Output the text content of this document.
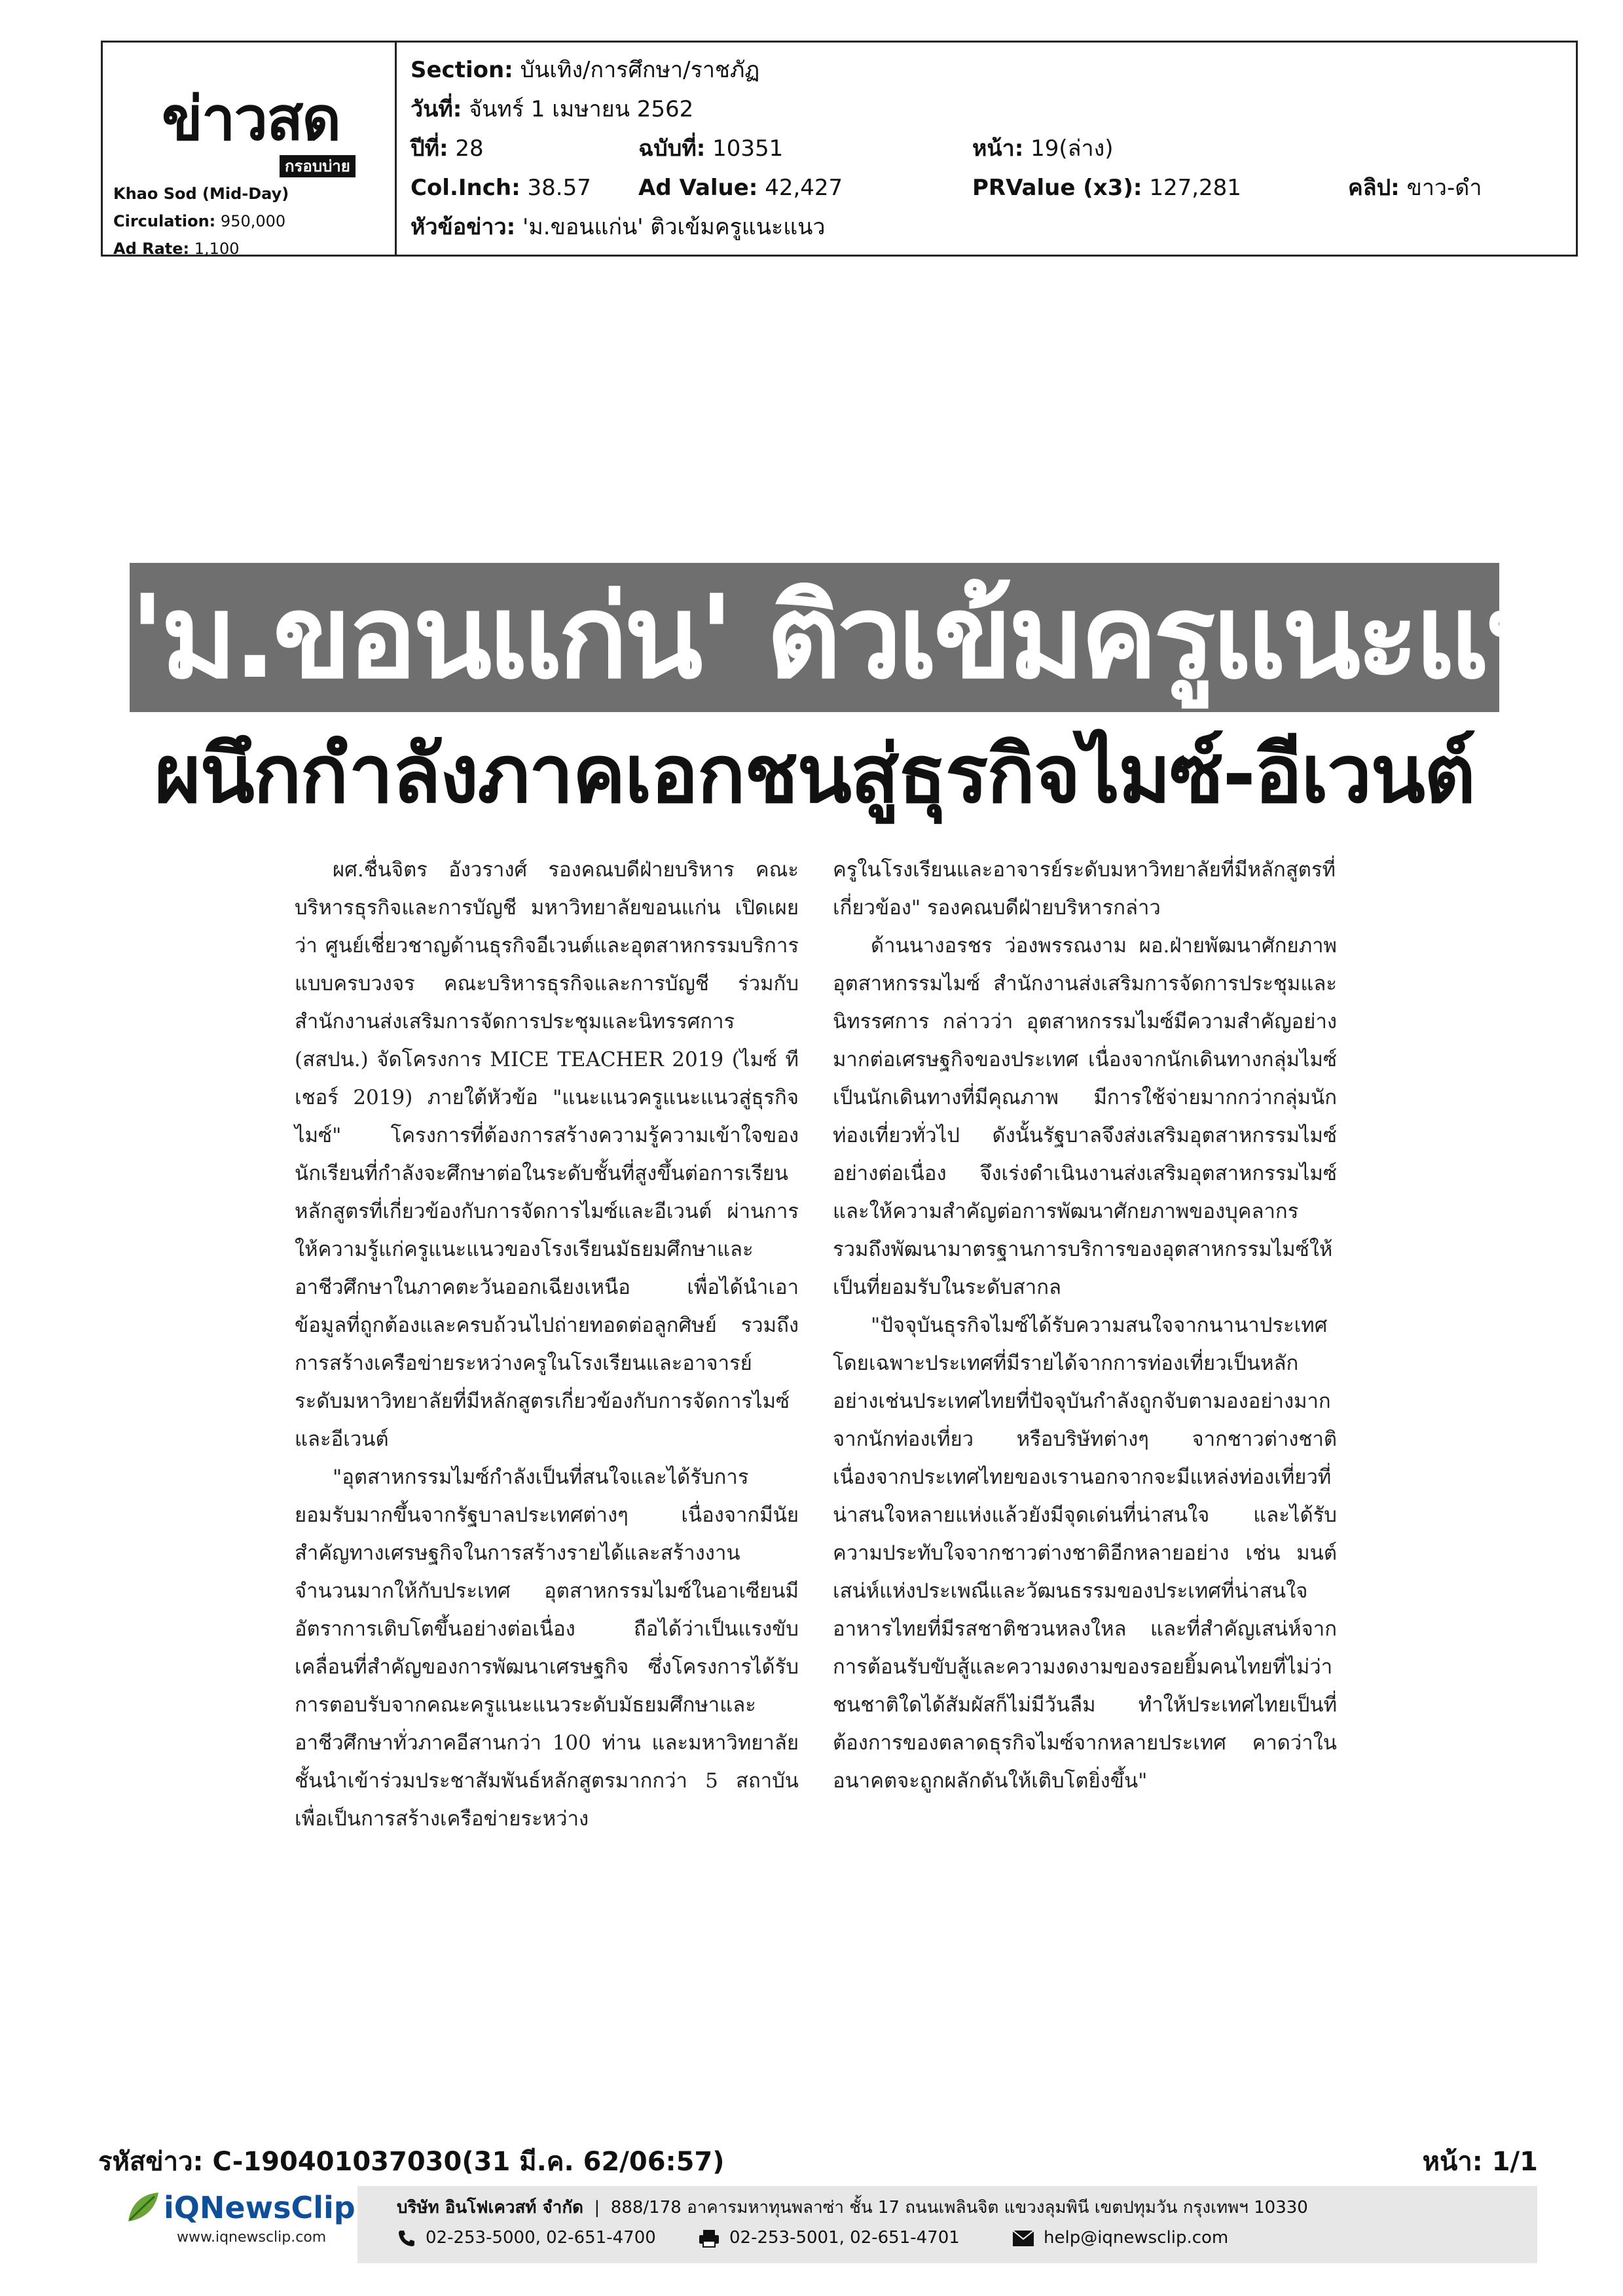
ข่าวสด
กรอบบ่าย
Khao Sod (Mid-Day)
Circulation: 950,000
Ad Rate: 1,100
Section: บันเทิง/การศึกษา/ราชภัฏ
วันที่: จันทร์ 1 เมษายน 2562
ปีที่: 28	ฉบับที่: 10351	หน้า: 19(ล่าง)
Col.Inch: 38.57 Ad Value: 42,427	PRValue (x3): 127,281	คลิป: ขาว-ดำ
หัวข้อข่าว: 'ม.ขอนแก่น' ติวเข้มครูแนะแนว
'ม.ขอนแก่น' ติวเข้มครูแนะแนว
ผนึกกำลังภาคเอกชนสู่ธุรกิจไมซ์-อีเวนต์

ผศ.ชื่นจิตร อังวรางศ์ รองคณบดีฝ่ายบริหาร คณะบริหารธุรกิจและการบัญชี มหาวิทยาลัยขอนแก่น เปิดเผยว่า ศูนย์เชี่ยวชาญด้านธุรกิจอีเวนต์และอุตสาหกรรมบริการแบบครบวงจร คณะบริหารธุรกิจและการบัญชี ร่วมกับสำนักงานส่งเสริมการจัดการประชุมและนิทรรศการ (สสปน.) จัดโครงการ MICE TEACHER 2019 (ไมซ์ ทีเชอร์ 2019) ภายใต้หัวข้อ "แนะแนวครูแนะแนวสู่ธุรกิจไมซ์" โครงการที่ต้องการสร้างความรู้ความเข้าใจของนักเรียนที่กำลังจะศึกษาต่อในระดับชั้นที่สูงขึ้นต่อการเรียนหลักสูตรที่เกี่ยวข้องกับการจัดการไมซ์และอีเวนต์ ผ่านการให้ความรู้แก่ครูแนะแนวของโรงเรียนมัธยมศึกษาและอาชีวศึกษาในภาคตะวันออกเฉียงเหนือ เพื่อได้นำเอาข้อมูลที่ถูกต้องและครบถ้วนไปถ่ายทอดต่อลูกศิษย์ รวมถึงการสร้างเครือข่ายระหว่างครูในโรงเรียนและอาจารย์ระดับมหาวิทยาลัยที่มีหลักสูตรเกี่ยวข้องกับการจัดการไมซ์และอีเวนต์

"อุตสาหกรรมไมซ์กำลังเป็นที่สนใจและได้รับการยอมรับมากขึ้นจากรัฐบาลประเทศต่างๆ เนื่องจากมีนัยสำคัญทางเศรษฐกิจในการสร้างรายได้และสร้างงานจำนวนมากให้กับประเทศ อุตสาหกรรมไมซ์ในอาเซียนมีอัตราการเติบโตขึ้นอย่างต่อเนื่อง ถือได้ว่าเป็นแรงขับเคลื่อนที่สำคัญของการพัฒนาเศรษฐกิจ ซึ่งโครงการได้รับการตอบรับจากคณะครูแนะแนวระดับมัธยมศึกษาและอาชีวศึกษาทั่วภาคอีสานกว่า 100 ท่าน และมหาวิทยาลัยชั้นนำเข้าร่วมประชาสัมพันธ์หลักสูตรมากกว่า 5 สถาบัน เพื่อเป็นการสร้างเครือข่ายระหว่าง

ครูในโรงเรียนและอาจารย์ระดับมหาวิทยาลัยที่มีหลักสูตรที่เกี่ยวข้อง" รองคณบดีฝ่ายบริหารกล่าว

ด้านนางอรชร ว่องพรรณงาม ผอ.ฝ่ายพัฒนาศักยภาพอุตสาหกรรมไมซ์ สำนักงานส่งเสริมการจัดการประชุมและนิทรรศการ กล่าวว่า อุตสาหกรรมไมซ์มีความสำคัญอย่างมากต่อเศรษฐกิจของประเทศ เนื่องจากนักเดินทางกลุ่มไมซ์เป็นนักเดินทางที่มีคุณภาพ มีการใช้จ่ายมากกว่ากลุ่มนักท่องเที่ยวทั่วไป ดังนั้นรัฐบาลจึงส่งเสริมอุตสาหกรรมไมซ์อย่างต่อเนื่อง จึงเร่งดำเนินงานส่งเสริมอุตสาหกรรมไมซ์ และให้ความสำคัญต่อการพัฒนาศักยภาพของบุคลากร รวมถึงพัฒนามาตรฐานการบริการของอุตสาหกรรมไมซ์ให้เป็นที่ยอมรับในระดับสากล

"ปัจจุบันธุรกิจไมซ์ได้รับความสนใจจากนานาประเทศ โดยเฉพาะประเทศที่มีรายได้จากการท่องเที่ยวเป็นหลัก อย่างเช่นประเทศไทยที่ปัจจุบันกำลังถูกจับตามองอย่างมากจากนักท่องเที่ยว หรือบริษัทต่างๆ จากชาวต่างชาติ เนื่องจากประเทศไทยของเรานอกจากจะมีแหล่งท่องเที่ยวที่น่าสนใจหลายแห่งแล้วยังมีจุดเด่นที่น่าสนใจ และได้รับความประทับใจจากชาวต่างชาติอีกหลายอย่าง เช่น มนต์เสน่ห์แห่งประเพณีและวัฒนธรรมของประเทศที่น่าสนใจ อาหารไทยที่มีรสชาติชวนหลงใหล และที่สำคัญเสน่ห์จากการต้อนรับขับสู้และความงดงามของรอยยิ้มคนไทยที่ไม่ว่าชนชาติใดได้สัมผัสก็ไม่มีวันลืม ทำให้ประเทศไทยเป็นที่ต้องการของตลาดธุรกิจไมซ์จากหลายประเทศ คาดว่าในอนาคตจะถูกผลักดันให้เติบโตยิ่งขึ้น"

รหัสข่าว: C-190401037030(31 มี.ค. 62/06:57)	หน้า: 1/1
iQNewsClip
www.iqnewsclip.com
บริษัท อินโฟเควสท์ จำกัด  |  888/178 อาคารมหาทุนพลาซ่า ชั้น 17 ถนนเพลินจิต แขวงลุมพินี เขตปทุมวัน กรุงเทพฯ 10330
02-253-5000, 02-651-4700	02-253-5001, 02-651-4701	help@iqnewsclip.com
